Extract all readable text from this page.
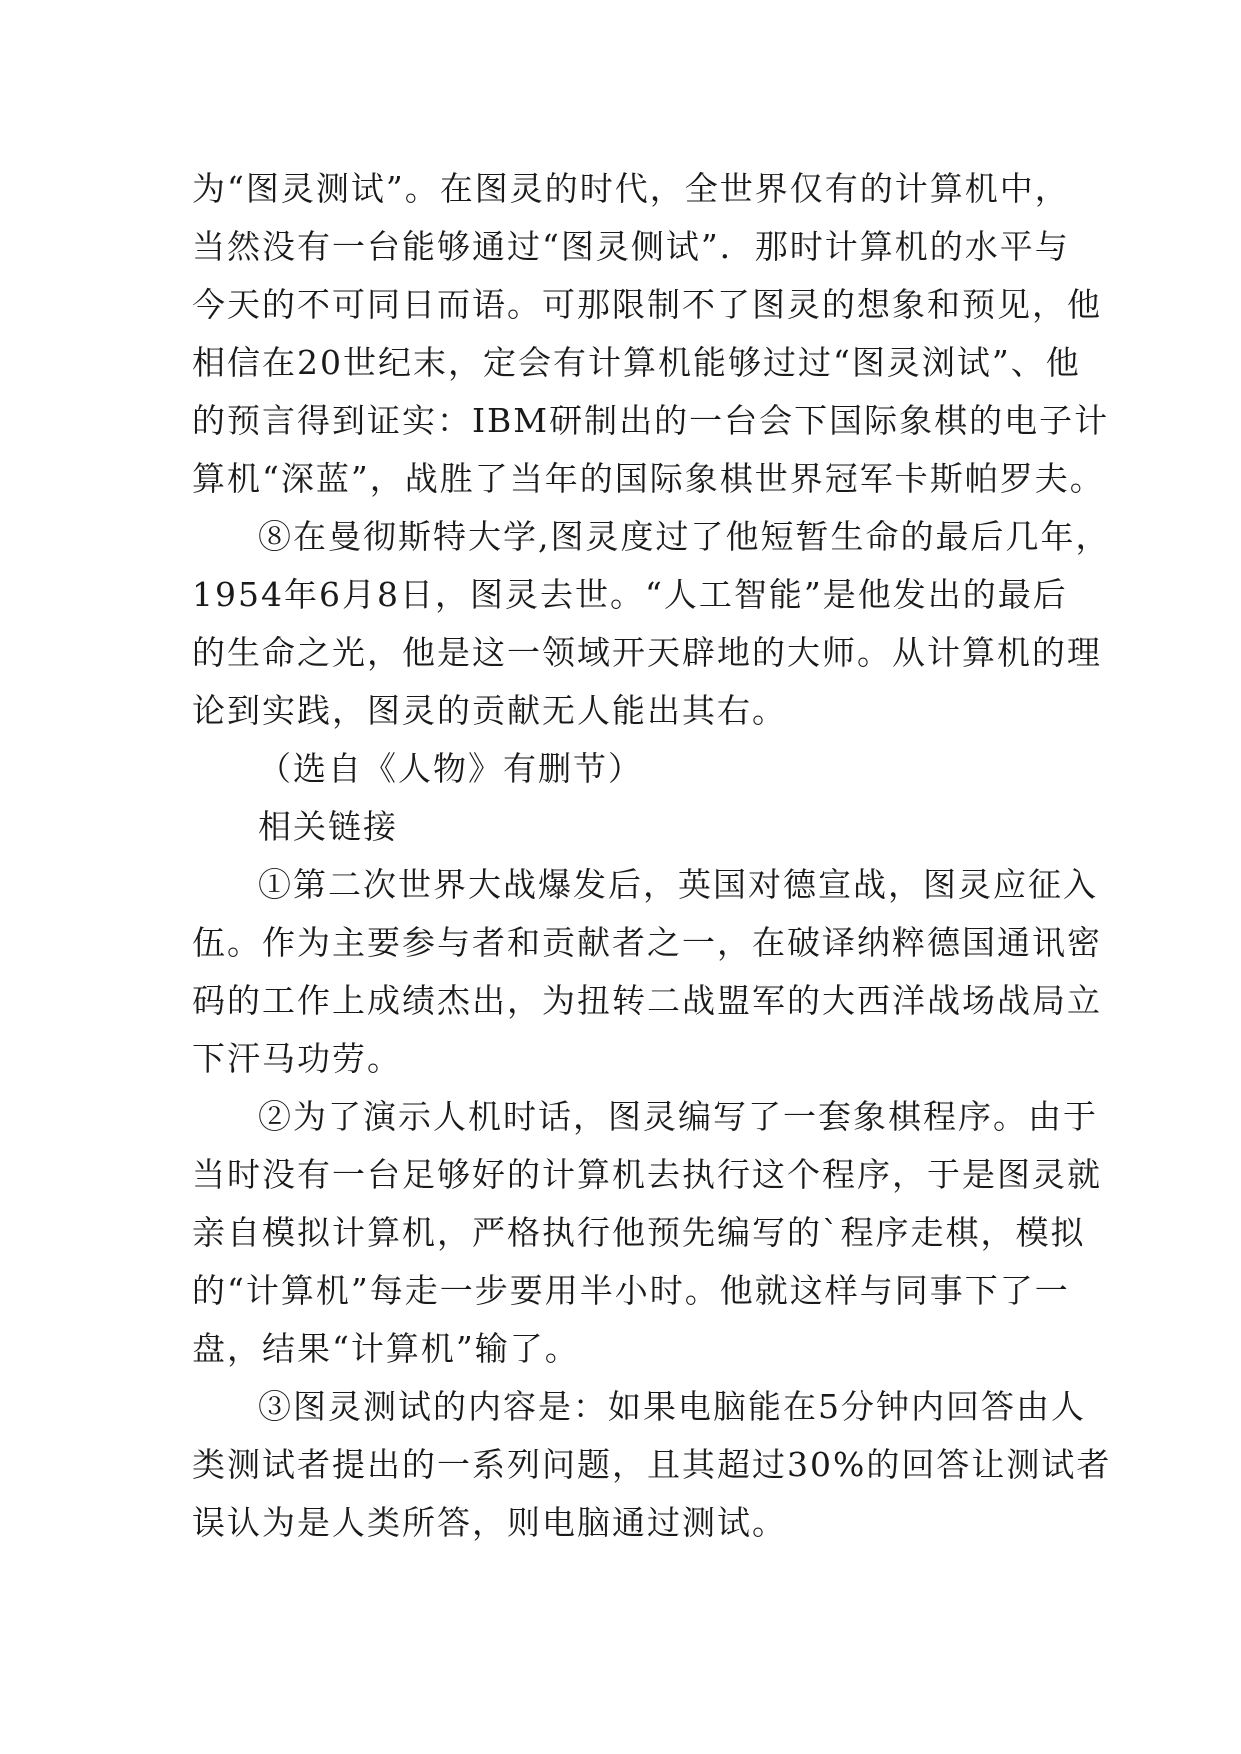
为“图灵测试”。在图灵的时代，全世界仅有的计算机中，
当然没有一台能够通过“图灵侧试”．那时计算机的水平与
今天的不可同日而语。可那限制不了图灵的想象和预见，他
相信在20世纪末，定会有计算机能够过过“图灵浏试”、他
的预言得到证实：IBM研制出的一台会下国际象棋的电子计
算机“深蓝”，战胜了当年的国际象棋世界冠军卡斯帕罗夫。
⑧在曼彻斯特大学,图灵度过了他短暂生命的最后几年，
1954年6月8日，图灵去世。“人工智能”是他发出的最后
的生命之光，他是这一领域开天辟地的大师。从计算机的理
论到实践，图灵的贡献无人能出其右。
（选自《人物》有删节）
相关链接
①第二次世界大战爆发后，英国对德宣战，图灵应征入
伍。作为主要参与者和贡献者之一，在破译纳粹德国通讯密
码的工作上成绩杰出，为扭转二战盟军的大西洋战场战局立
下汗马功劳。
②为了演示人机时话，图灵编写了一套象棋程序。由于
当时没有一台足够好的计算机去执行这个程序，于是图灵就
亲自模拟计算机，严格执行他预先编写的`程序走棋，模拟
的“计算机”每走一步要用半小时。他就这样与同事下了一
盘，结果“计算机”输了。
③图灵测试的内容是：如果电脑能在5分钟内回答由人
类测试者提出的一系列问题，且其超过30%的回答让测试者
误认为是人类所答，则电脑通过测试。
